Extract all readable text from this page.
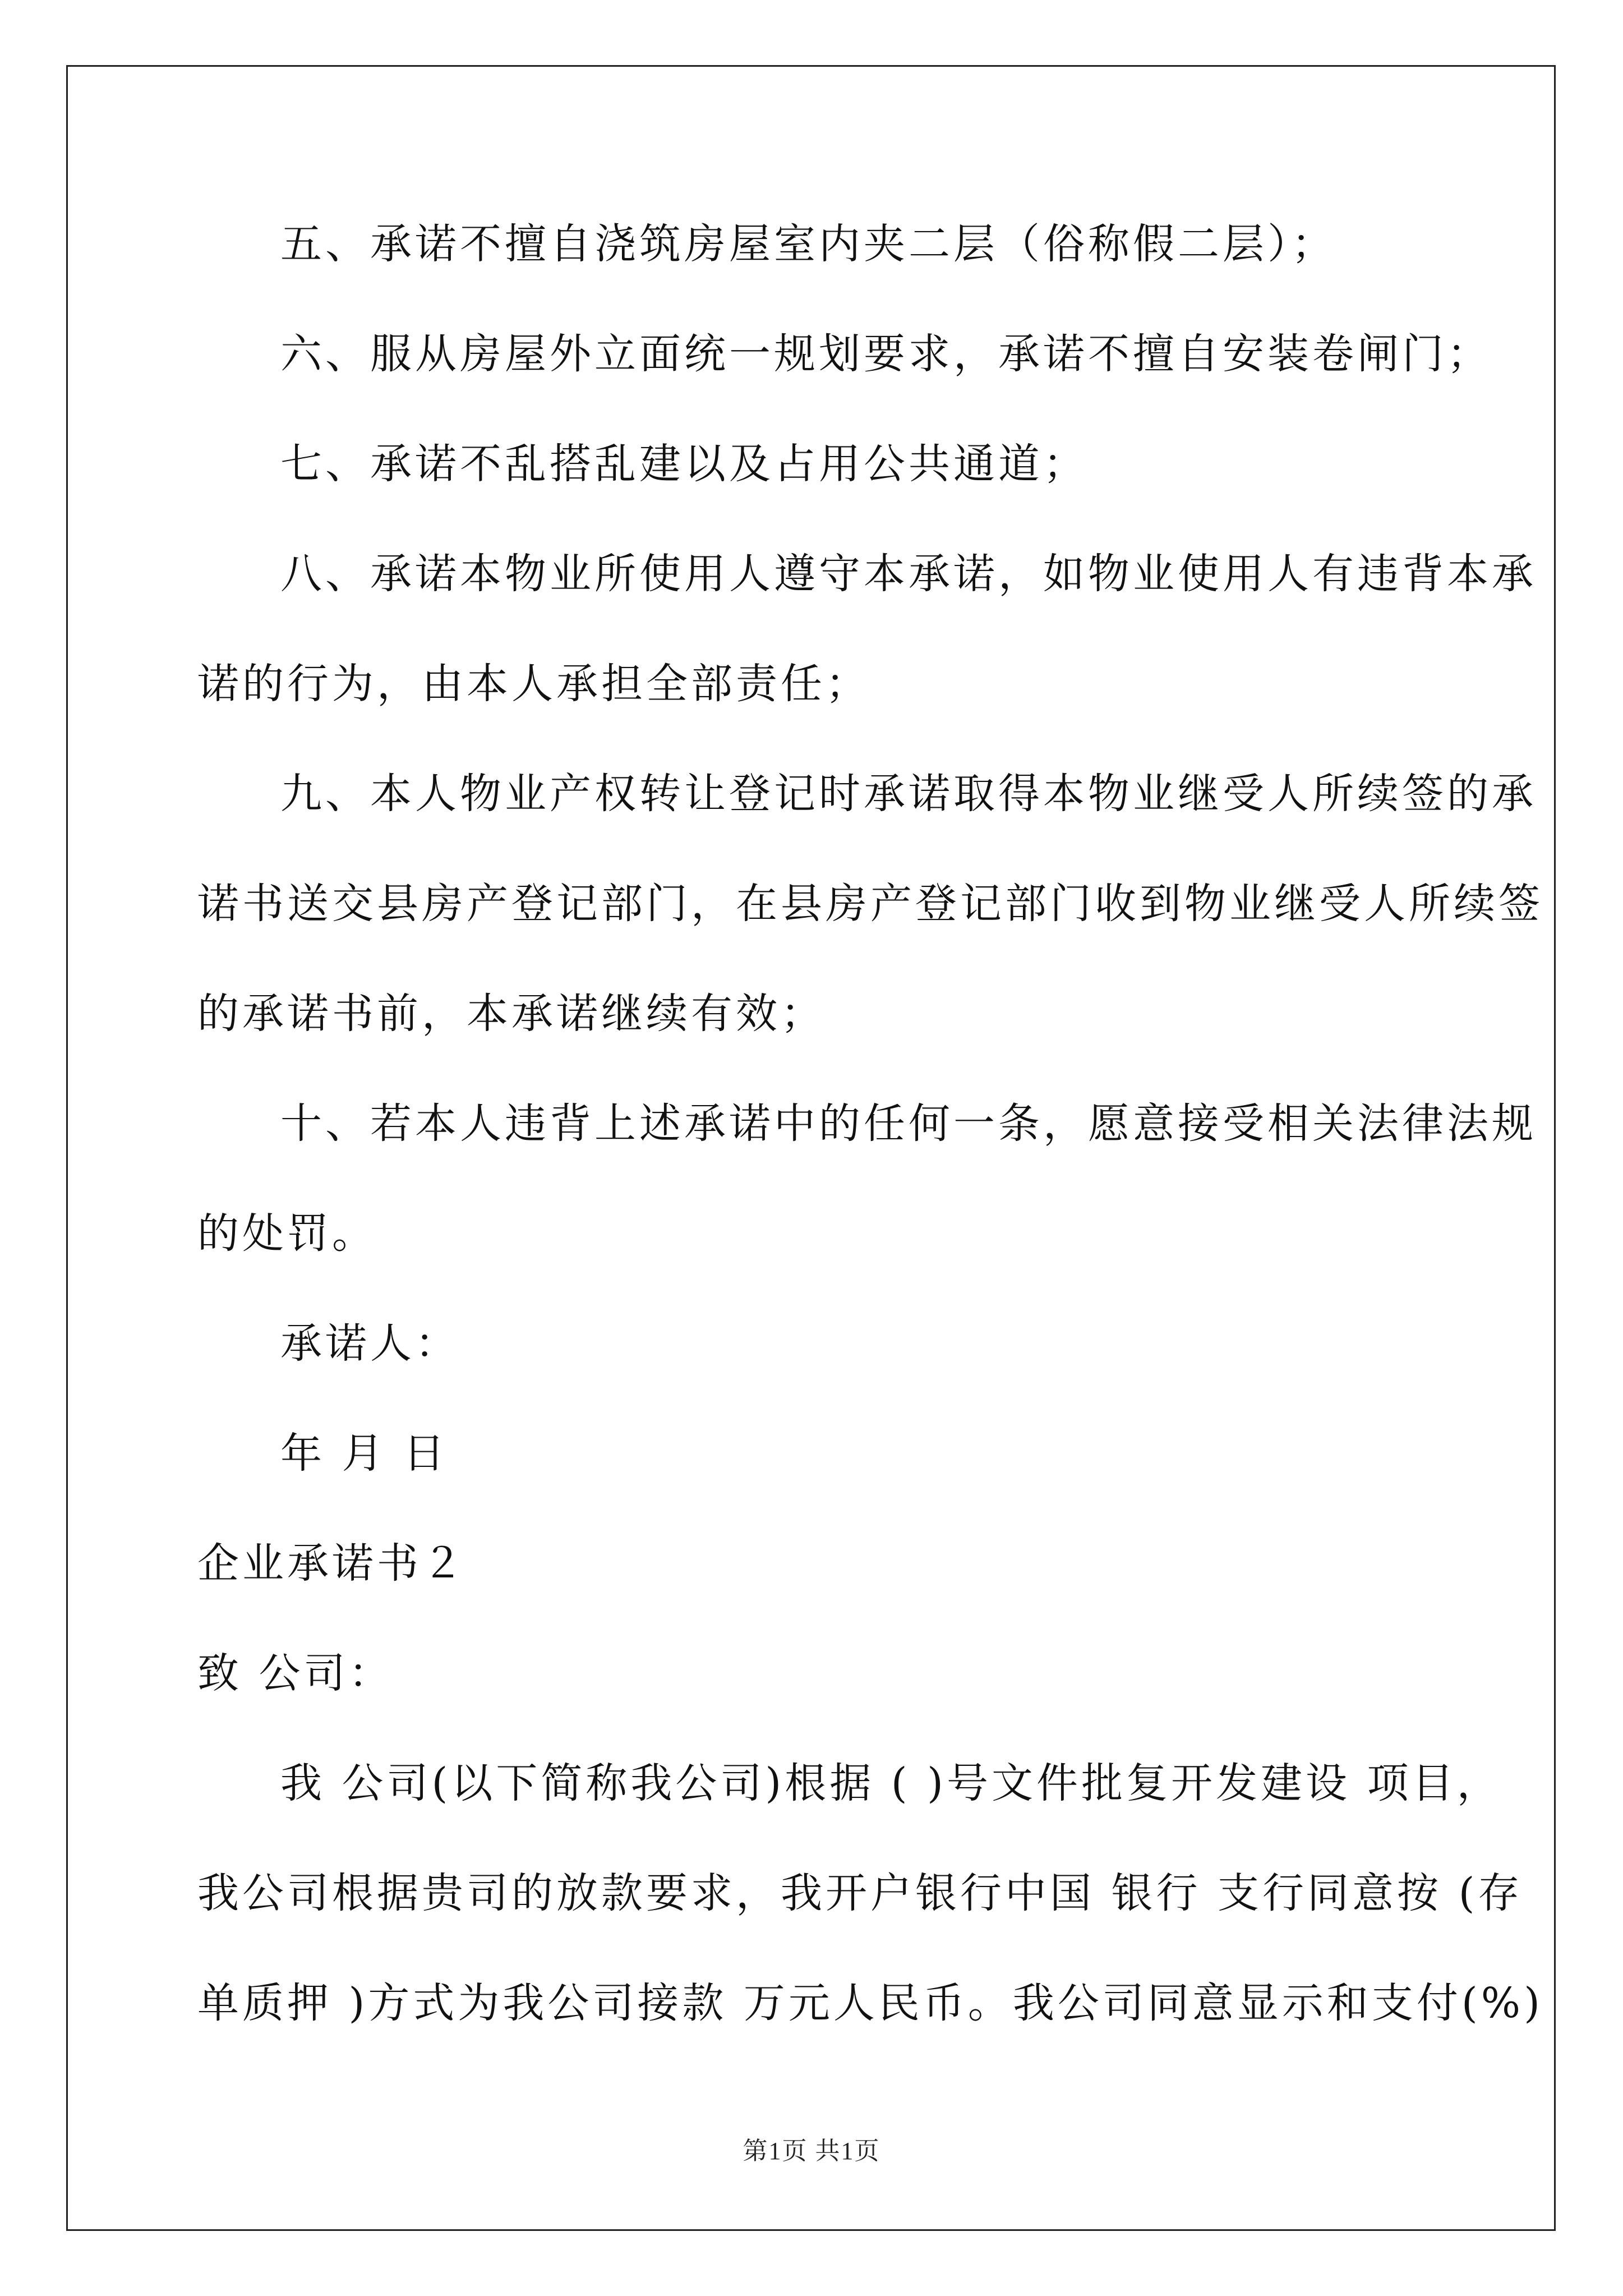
五、承诺不擅自浇筑房屋室内夹二层（俗称假二层）；
六、服从房屋外立面统一规划要求，承诺不擅自安装卷闸门；
七、承诺不乱搭乱建以及占用公共通道；
八、承诺本物业所使用人遵守本承诺，如物业使用人有违背本承
诺的行为，由本人承担全部责任；
九、本人物业产权转让登记时承诺取得本物业继受人所续签的承
诺书送交县房产登记部门，在县房产登记部门收到物业继受人所续签
的承诺书前，本承诺继续有效；
十、若本人违背上述承诺中的任何一条，愿意接受相关法律法规
的处罚。
承诺人：
年 月 日
企业承诺书２
致 公司：
我 公司(以下简称我公司)根据 ( )号文件批复开发建设 项目，
我公司根据贵司的放款要求，我开户银行中国 银行 支行同意按 (存
单质押 )方式为我公司接款 万元人民币。我公司同意显示和支付(%)
第1页 共1页
